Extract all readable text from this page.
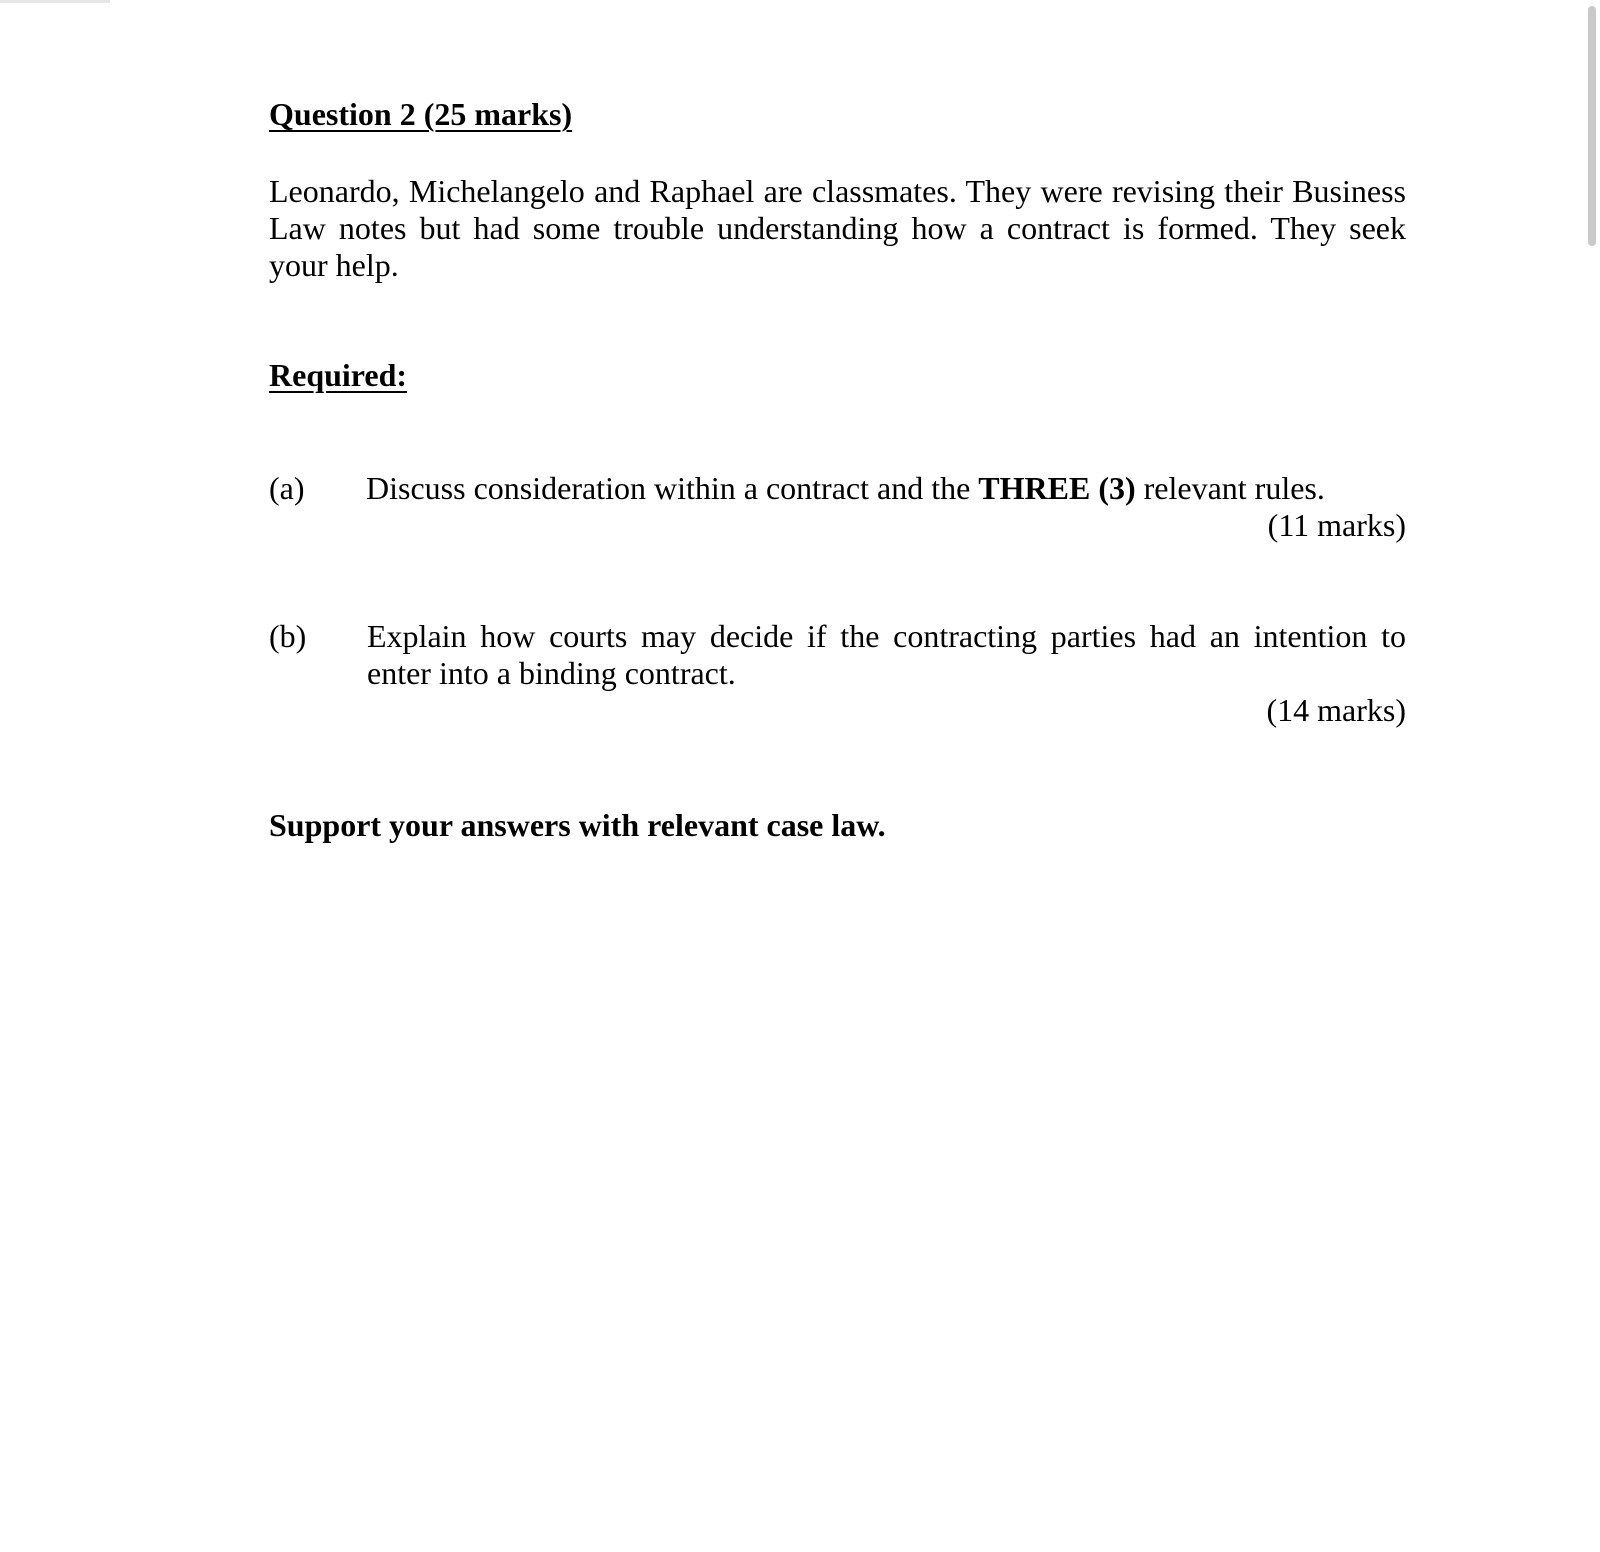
Question 2 (25 marks)
Leonardo, Michelangelo and Raphael are classmates. They were revising their Business Law notes but had some trouble understanding how a contract is formed. They seek your help.
Required:
(a) Discuss consideration within a contract and the THREE (3) relevant rules.
(11 marks)
(b) Explain how courts may decide if the contracting parties had an intention to enter into a binding contract.
(14 marks)
Support your answers with relevant case law.
